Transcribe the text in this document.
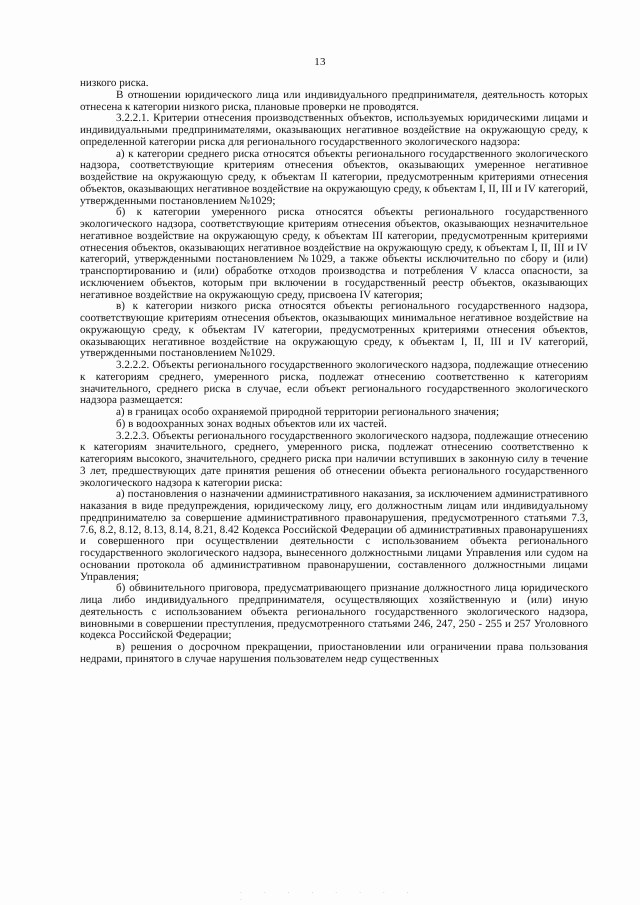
13

низкого риска.

В отношении юридического лица или индивидуального предпринимателя, деятельность которых отнесена к категории низкого риска, плановые проверки не проводятся.

3.2.2.1. Критерии отнесения производственных объектов, используемых юридическими лицами и индивидуальными предпринимателями, оказывающих негативное воздействие на окружающую среду, к определенной категории риска для регионального государственного экологического надзора:

а) к категории среднего риска относятся объекты регионального государственного экологического надзора, соответствующие критериям отнесения объектов, оказывающих умеренное негативное воздействие на окружающую среду, к объектам II категории, предусмотренным критериями отнесения объектов, оказывающих негативное воздействие на окружающую среду, к объектам I, II, III и IV категорий, утвержденными постановлением №1029;

б) к категории умеренного риска относятся объекты регионального государственного экологического надзора, соответствующие критериям отнесения объектов, оказывающих незначительное негативное воздействие на окружающую среду, к объектам III категории, предусмотренным критериями отнесения объектов, оказывающих негативное воздействие на окружающую среду, к объектам I, II, III и IV категорий, утвержденными постановлением №1029, а также объекты исключительно по сбору и (или) транспортированию и (или) обработке отходов производства и потребления V класса опасности, за исключением объектов, которым при включении в государственный реестр объектов, оказывающих негативное воздействие на окружающую среду, присвоена IV категория;

в) к категории низкого риска относятся объекты регионального государственного надзора, соответствующие критериям отнесения объектов, оказывающих минимальное негативное воздействие на окружающую среду, к объектам IV категории, предусмотренных критериями отнесения объектов, оказывающих негативное воздействие на окружающую среду, к объектам I, II, III и IV категорий, утвержденными постановлением №1029.

3.2.2.2. Объекты регионального государственного экологического надзора, подлежащие отнесению к категориям среднего, умеренного риска, подлежат отнесению соответственно к категориям значительного, среднего риска в случае, если объект регионального государственного экологического надзора размещается:

а) в границах особо охраняемой природной территории регионального значения;

б) в водоохранных зонах водных объектов или их частей.

3.2.2.3. Объекты регионального государственного экологического надзора, подлежащие отнесению к категориям значительного, среднего, умеренного риска, подлежат отнесению соответственно к категориям высокого, значительного, среднего риска при наличии вступивших в законную силу в течение 3 лет, предшествующих дате принятия решения об отнесении объекта регионального государственного экологического надзора к категории риска:

а) постановления о назначении административного наказания, за исключением административного наказания в виде предупреждения, юридическому лицу, его должностным лицам или индивидуальному предпринимателю за совершение административного правонарушения, предусмотренного статьями 7.3, 7.6, 8.2, 8.12, 8.13, 8.14, 8.21, 8.42 Кодекса Российской Федерации об административных правонарушениях и совершенного при осуществлении деятельности с использованием объекта регионального государственного экологического надзора, вынесенного должностными лицами Управления или судом на основании протокола об административном правонарушении, составленного должностными лицами Управления;

б) обвинительного приговора, предусматривающего признание должностного лица юридического лица либо индивидуального предпринимателя, осуществляющих хозяйственную и (или) иную деятельность с использованием объекта регионального государственного экологического надзора, виновными в совершении преступления, предусмотренного статьями 246, 247, 250 - 255 и 257 Уголовного кодекса Российской Федерации;

в) решения о досрочном прекращении, приостановлении или ограничении права пользования недрами, принятого в случае нарушения пользователем недр существенных

· · · · · · · · ·
